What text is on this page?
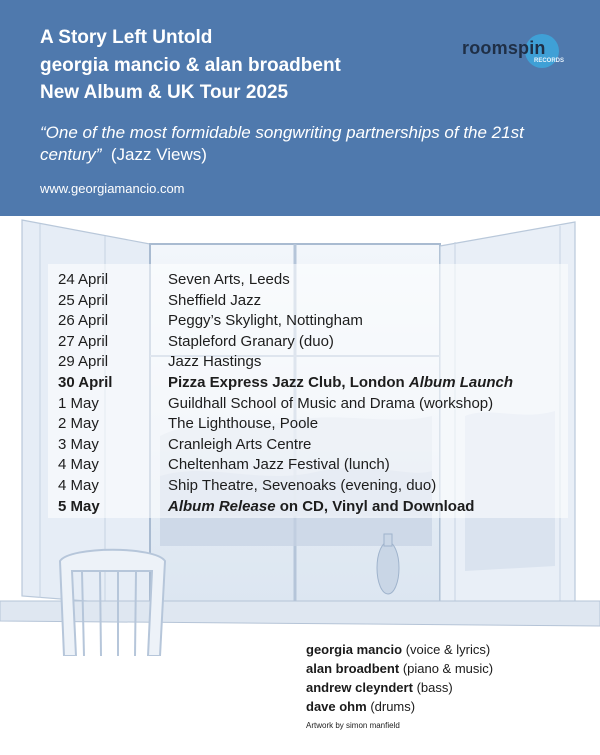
A Story Left Untold
georgia mancio & alan broadbent
New Album & UK Tour 2025
roomspin
RECORDS
“One of the most formidable songwriting partnerships of the 21st century” (Jazz Views)
www.georgiamancio.com
24 April	Seven Arts, Leeds
25 April	Sheffield Jazz
26 April	Peggy’s Skylight, Nottingham
27 April	Stapleford Granary (duo)
29 April	Jazz Hastings
30 April	Pizza Express Jazz Club, London Album Launch
1 May	Guildhall School of Music and Drama (workshop)
2 May	The Lighthouse, Poole
3 May	Cranleigh Arts Centre
4 May	Cheltenham Jazz Festival (lunch)
4 May	Ship Theatre, Sevenoaks (evening, duo)
5 May	Album Release on CD, Vinyl and Download
georgia mancio (voice & lyrics)
alan broadbent (piano & music)
andrew cleyndert (bass)
dave ohm (drums)
Artwork by simon manfield
